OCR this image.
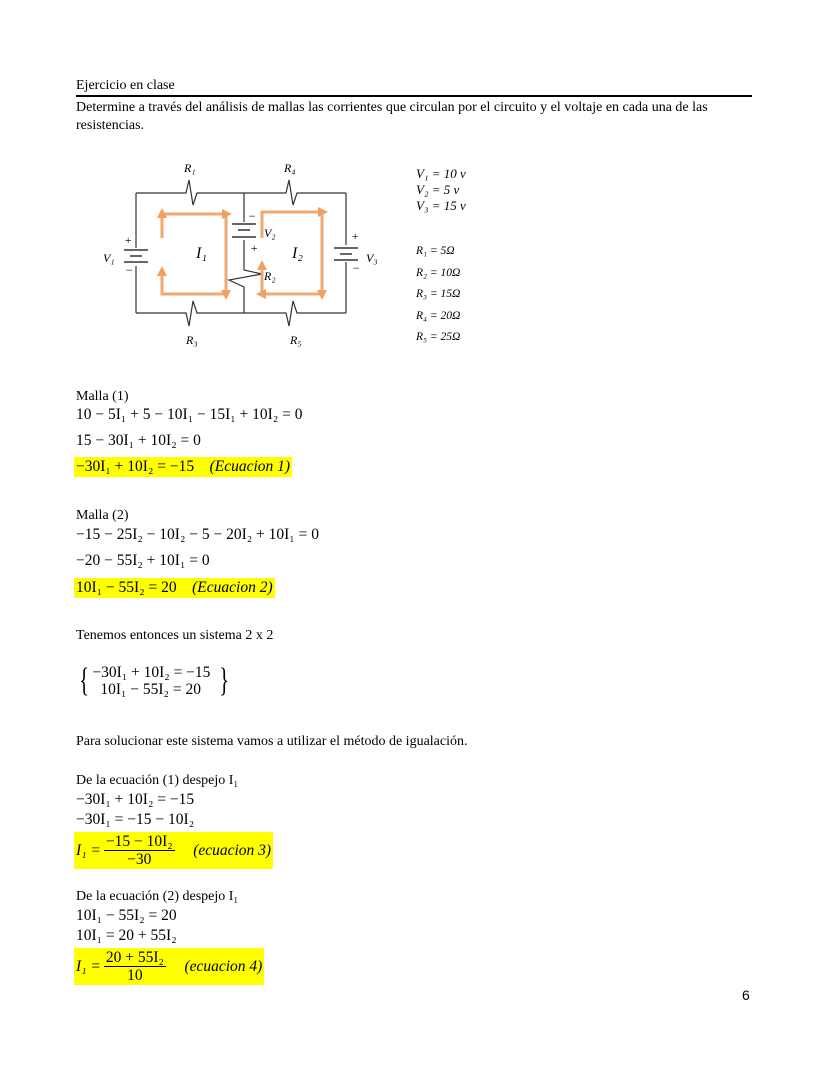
Ejercicio en clase
Determine a través del análisis de mallas las corrientes que circulan por el circuito y el voltaje en cada una de las resistencias.
R₁	R₄
R₃	R₅
R₂
V₁
V₂
V₃
I₁	I₂
+
−
−
+
+
−
V₁ = 10 v
V₂ = 5 v
V₃ = 15 v
R₁ = 5Ω
R₂ = 10Ω
R₃ = 15Ω
R₄ = 20Ω
R₅ = 25Ω
Malla (1)
10 − 5I₁ + 5 − 10I₁ − 15I₁ + 10I₂ = 0
15 − 30I₁ + 10I₂ = 0
−30I₁ + 10I₂ = −15 (Ecuacion 1)
Malla (2)
−15 − 25I₂ − 10I₂ − 5 − 20I₂ + 10I₁ = 0
−20 − 55I₂ + 10I₁ = 0
10I₁ − 55I₂ = 20 (Ecuacion 2)
Tenemos entonces un sistema 2 x 2
{ −30I₁ + 10I₂ = −15
10I₁ − 55I₂ = 20 }
Para solucionar este sistema vamos a utilizar el método de igualación.
De la ecuación (1) despejo I₁
−30I₁ + 10I₂ = −15
−30I₁ = −15 − 10I₂
$I_1 = \frac{\text{−15 − 10I₂}}{-30}$
(ecuacion 3)
De la ecuación (2) despejo I₁
10I₁ − 55I₂ = 20
10I₁ = 20 + 55I₂
$I_1 = \frac{\text{20 + 55I₂}}{10}$
(ecuacion 4)
6
